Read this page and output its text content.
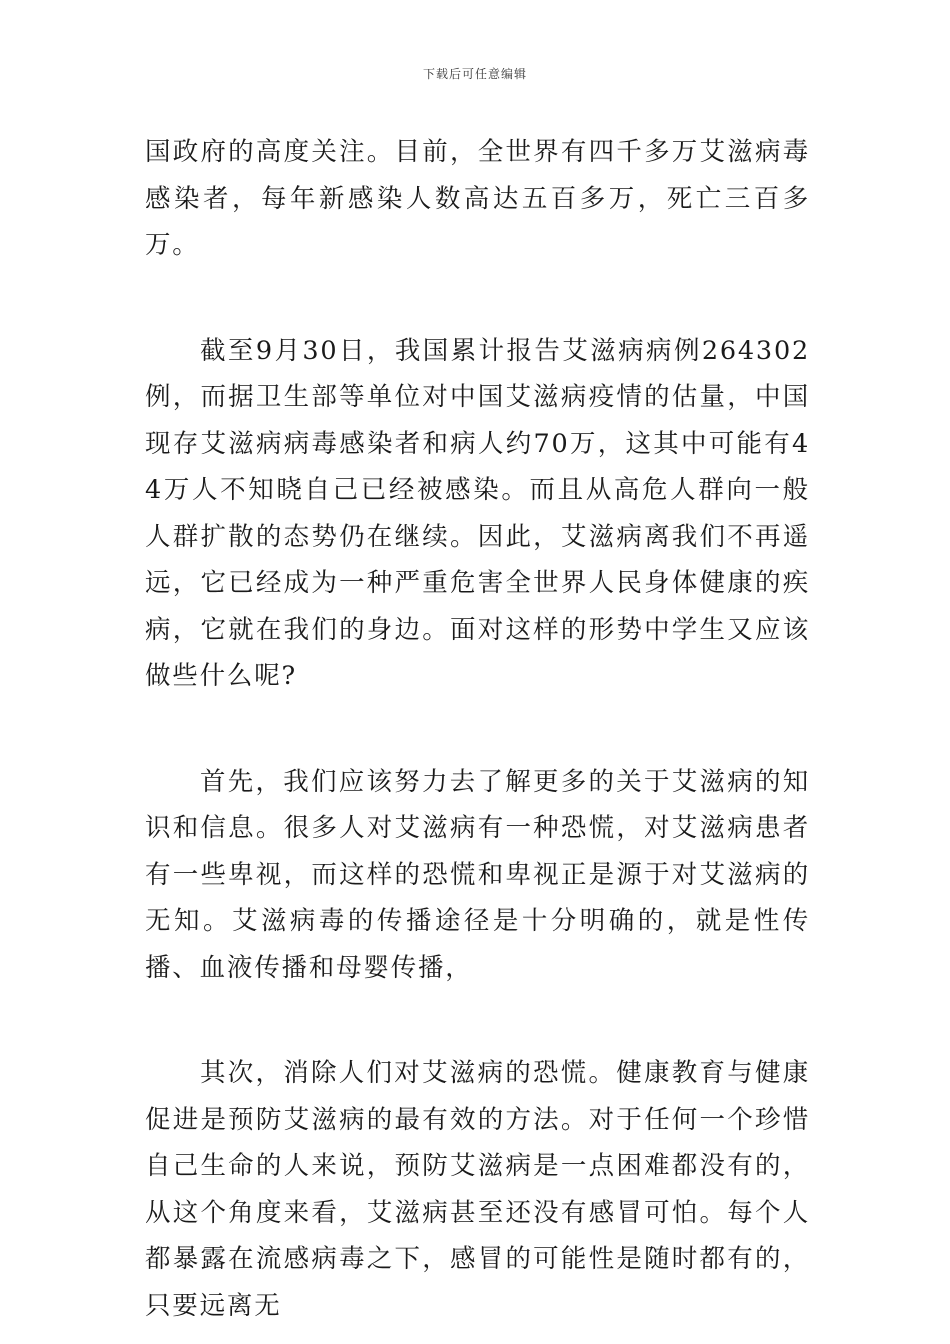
下载后可任意编辑

国政府的高度关注。目前，全世界有四千多万艾滋病毒感染者，每年新感染人数高达五百多万，死亡三百多万。

截至9月30日，我国累计报告艾滋病病例264302例，而据卫生部等单位对中国艾滋病疫情的估量，中国现存艾滋病病毒感染者和病人约70万，这其中可能有44万人不知晓自己已经被感染。而且从高危人群向一般人群扩散的态势仍在继续。因此，艾滋病离我们不再遥远，它已经成为一种严重危害全世界人民身体健康的疾病，它就在我们的身边。面对这样的形势中学生又应该做些什么呢?

首先，我们应该努力去了解更多的关于艾滋病的知识和信息。很多人对艾滋病有一种恐慌，对艾滋病患者有一些卑视，而这样的恐慌和卑视正是源于对艾滋病的无知。艾滋病毒的传播途径是十分明确的，就是性传播、血液传播和母婴传播，

其次，消除人们对艾滋病的恐慌。健康教育与健康促进是预防艾滋病的最有效的方法。对于任何一个珍惜自己生命的人来说，预防艾滋病是一点困难都没有的，从这个角度来看，艾滋病甚至还没有感冒可怕。每个人都暴露在流感病毒之下，感冒的可能性是随时都有的，只要远离无
